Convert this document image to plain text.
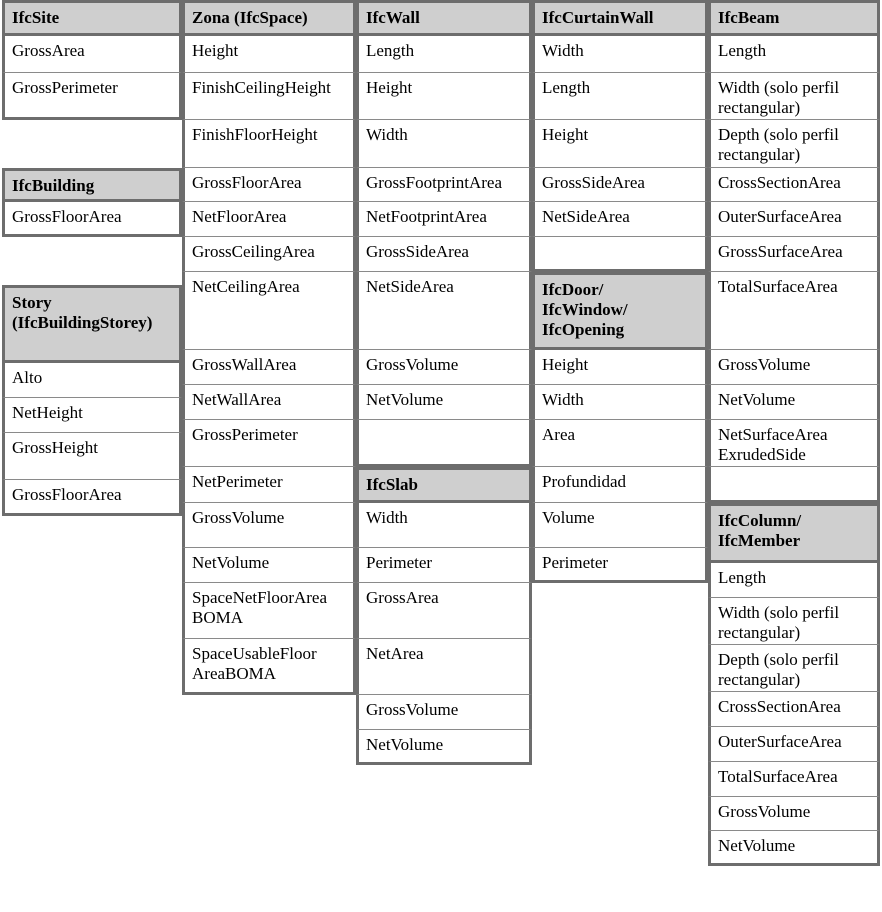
IfcSite
GrossArea
GrossPerimeter
IfcBuilding
GrossFloorArea
Story
(IfcBuildingStorey)
Alto
NetHeight
GrossHeight
GrossFloorArea
Zona (IfcSpace)
Height
FinishCeilingHeight
FinishFloorHeight
GrossFloorArea
NetFloorArea
GrossCeilingArea
NetCeilingArea
GrossWallArea
NetWallArea
GrossPerimeter
NetPerimeter
GrossVolume
NetVolume
SpaceNetFloorArea BOMA
SpaceUsableFloor AreaBOMA
IfcWall
Length
Height
Width
GrossFootprintArea
NetFootprintArea
GrossSideArea
NetSideArea
GrossVolume
NetVolume
IfcSlab
Width
Perimeter
GrossArea
NetArea
GrossVolume
NetVolume
IfcCurtainWall
Width
Length
Height
GrossSideArea
NetSideArea
IfcDoor/
IfcWindow/
IfcOpening
Height
Width
Area
Profundidad
Volume
Perimeter
IfcBeam
Length
Width (solo perfil rectangular)
Depth (solo perfil rectangular)
CrossSectionArea
OuterSurfaceArea
GrossSurfaceArea
TotalSurfaceArea
GrossVolume
NetVolume
NetSurfaceArea ExrudedSide
IfcColumn/
IfcMember
Length
Width (solo perfil rectangular)
Depth (solo perfil rectangular)
CrossSectionArea
OuterSurfaceArea
TotalSurfaceArea
GrossVolume
NetVolume
